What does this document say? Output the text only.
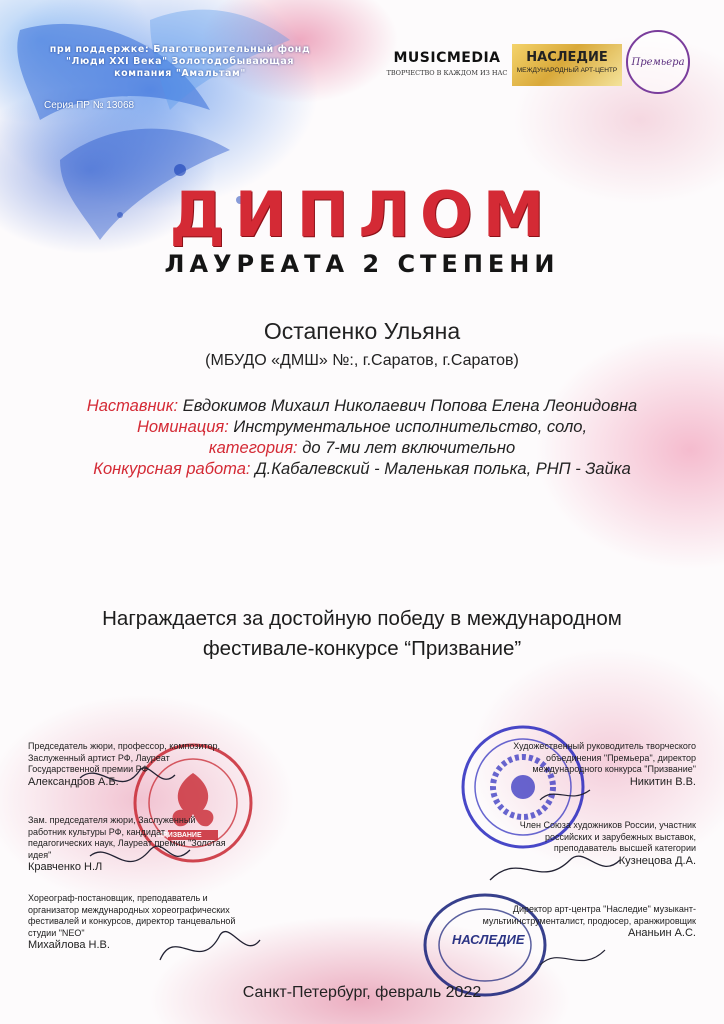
при поддержке: Благотворительный фонд "Люди XXI Века" Золотодобывающая компания "Амальтам"
Серия ПР № 13068
MUSICMEDIA
ТВОРЧЕСТВО В КАЖДОМ ИЗ НАС
НАСЛЕДИЕ
МЕЖДУНАРОДНЫЙ АРТ-ЦЕНТР
Премьера
ДИПЛОМ
ЛАУРЕАТА 2 СТЕПЕНИ
Остапенко Ульяна
(МБУДО «ДМШ» №:, г.Саратов, г.Саратов)
Наставник: Евдокимов Михаил Николаевич Попова Елена Леонидовна
Номинация: Инструментальное исполнительство, соло,
категория: до 7-ми лет включительно
Конкурсная работа: Д.Кабалевский - Маленькая полька, РНП - Зайка
Награждается за достойную победу в международном
фестивале-конкурсе “Призвание”
ПРИЗВАНИЕ
НАСЛЕДИЕ
Председатель жюри, профессор, композитор, Заслуженный артист РФ, Лауреат Государственной премии РФ
Александров А.Б.
Зам. председателя жюри, Заслуженный работник культуры РФ, кандидат педагогических наук, Лауреат премии "Золотая идея"
Кравченко Н.Л
Хореограф-постановщик, преподаватель и организатор международных хореографических фестивалей и конкурсов, директор танцевальной студии "NEO"
Михайлова Н.В.
Художественный руководитель творческого объединения "Премьера", директор международного конкурса "Призвание"
Никитин В.В.
Член Союза художников России, участник российских и зарубежных выставок, преподаватель высшей категории
Кузнецова Д.А.
Директор арт-центра "Наследие" музыкант-мультиинструменталист, продюсер, аранжировщик
Ананьин А.С.
Санкт-Петербург, февраль 2022
